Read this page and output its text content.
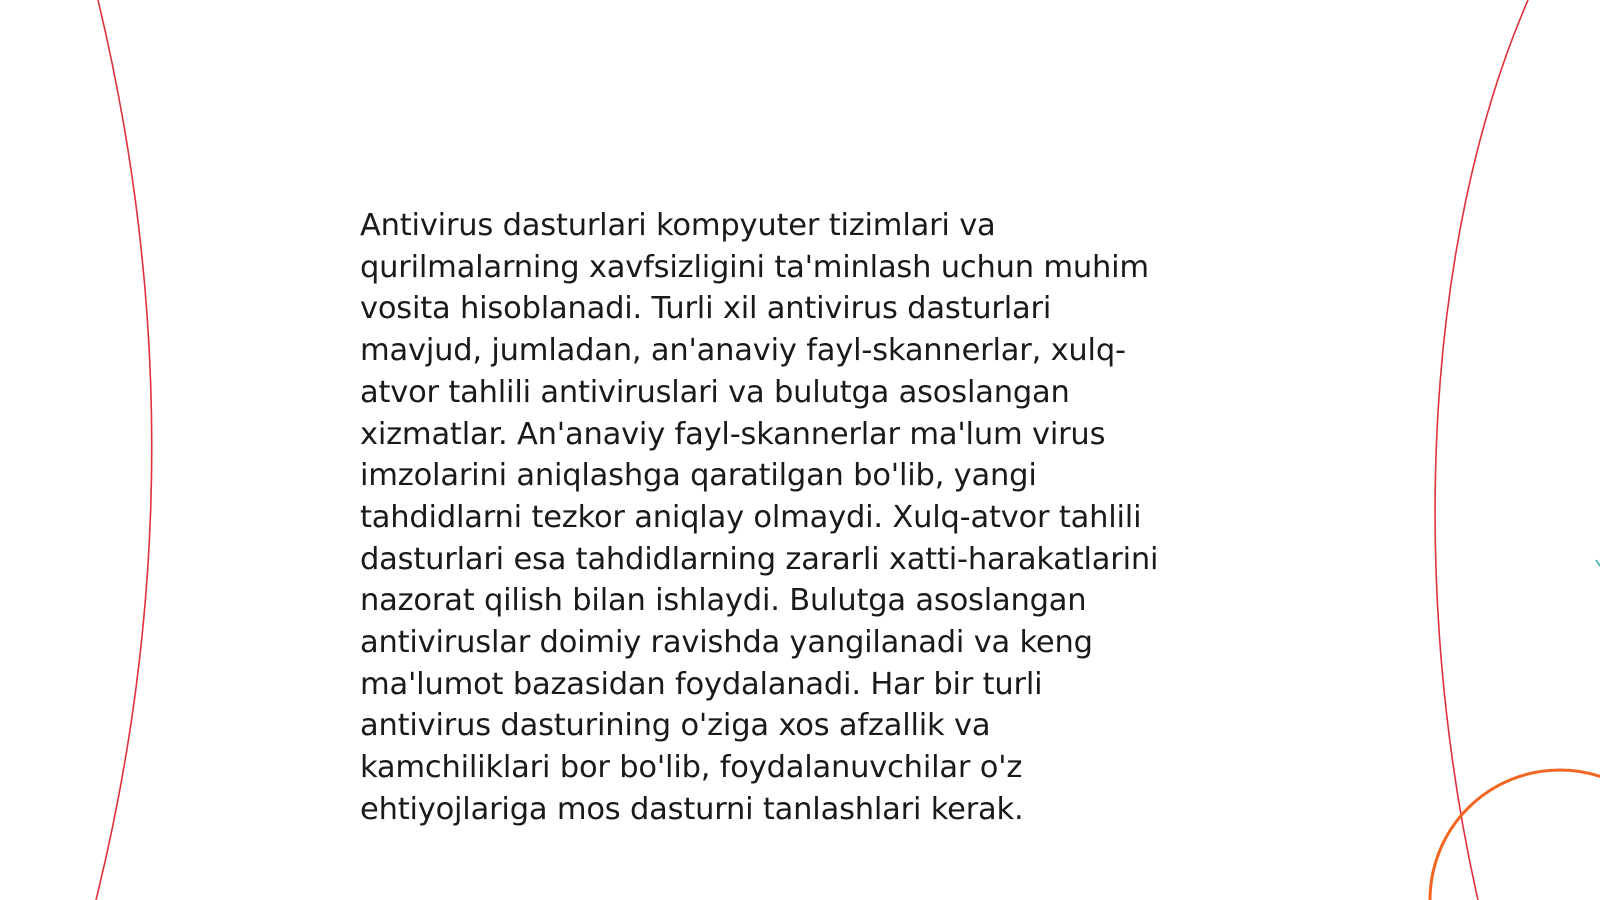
Antivirus dasturlari kompyuter tizimlari va
qurilmalarning xavfsizligini ta'minlash uchun muhim
vosita hisoblanadi. Turli xil antivirus dasturlari
mavjud, jumladan, an'anaviy fayl-skannerlar, xulq-
atvor tahlili antiviruslari va bulutga asoslangan
xizmatlar. An'anaviy fayl-skannerlar ma'lum virus
imzolarini aniqlashga qaratilgan bo'lib, yangi
tahdidlarni tezkor aniqlay olmaydi. Xulq-atvor tahlili
dasturlari esa tahdidlarning zararli xatti-harakatlarini
nazorat qilish bilan ishlaydi. Bulutga asoslangan
antiviruslar doimiy ravishda yangilanadi va keng
ma'lumot bazasidan foydalanadi. Har bir turli
antivirus dasturining o'ziga xos afzallik va
kamchiliklari bor bo'lib, foydalanuvchilar o'z
ehtiyojlariga mos dasturni tanlashlari kerak.
